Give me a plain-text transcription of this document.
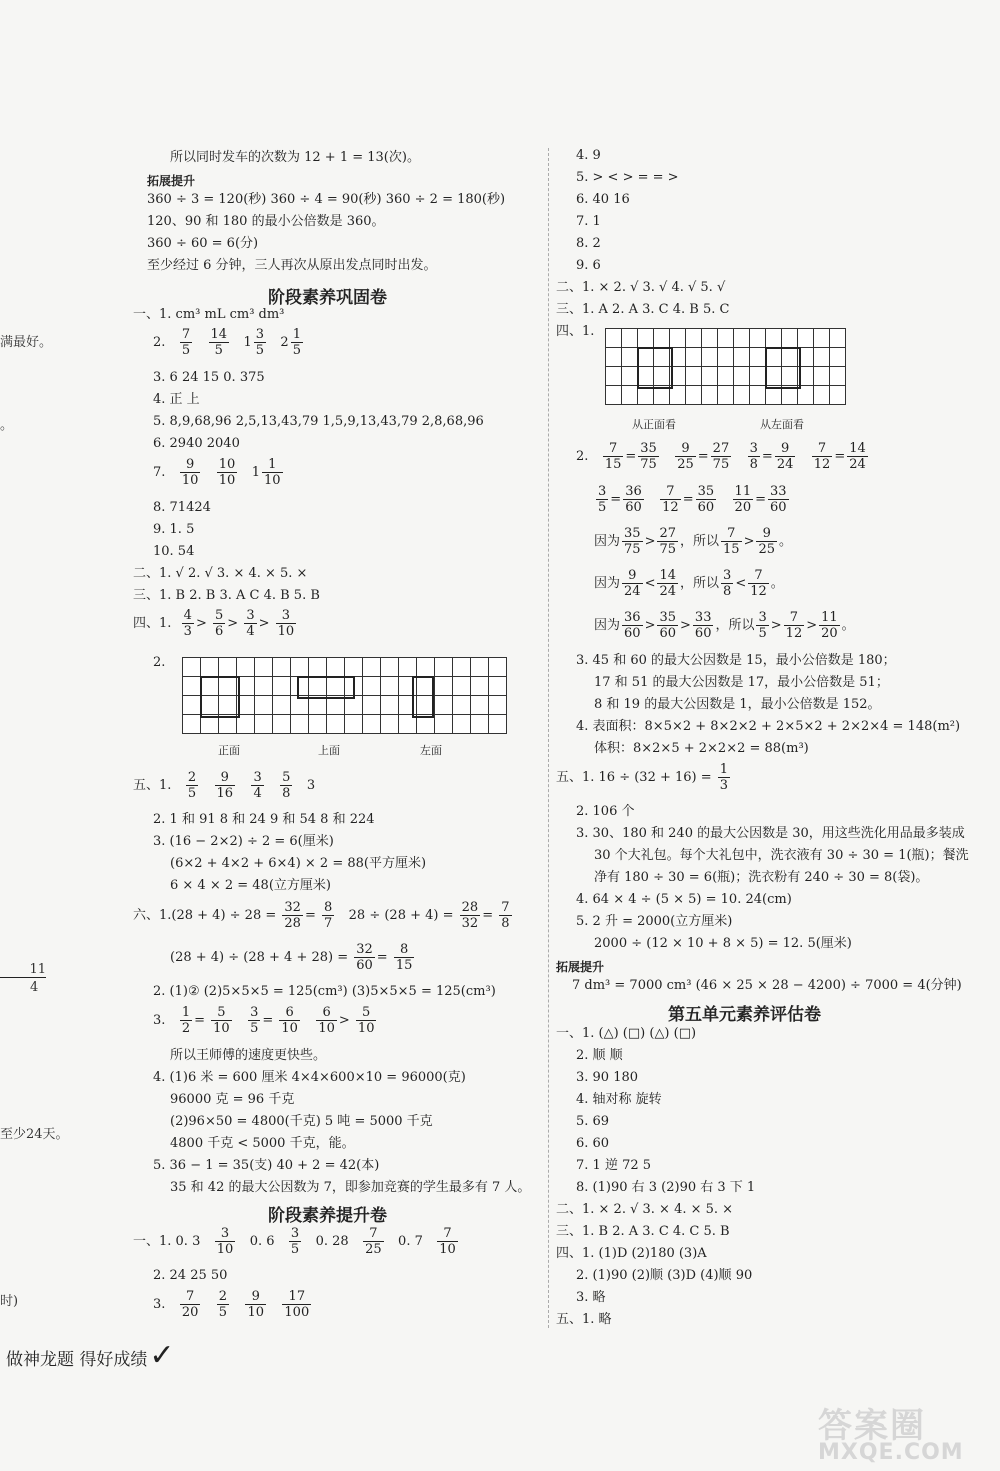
满最好。
。
11
4
至少24天。
时)
所以同时发车的次数为 12 + 1 = 13(次)。
拓展提升
360 ÷ 3 = 120(秒) 360 ÷ 4 = 90(秒) 360 ÷ 2 = 180(秒)
120、90 和 180 的最小公倍数是 360。
360 ÷ 60 = 6(分)
至少经过 6 分钟，三人再次从原出发点同时出发。
阶段素养巩固卷
一、1. cm³ mL cm³ dm³
2. $\frac{7}{5}$
$\frac{14}{5} 1 \frac{3}{5} 2 \frac{1}{5}$
3. 6 24 15 0. 375
4. 正 上
5. 8,9,68,96 2,5,13,43,79 1,5,9,13,43,79 2,8,68,96
6. 2940 2040
7. $\frac{9}{10}$
$\frac{10}{10} 1 \frac{1}{10}$
8. 71424
9. 1. 5
10. 54
二、1. √ 2. √ 3. × 4. × 5. ×
三、1. B 2. B 3. A C 4. B 5. B
四、1. $\frac{4}{3} > \frac{5}{6} > \frac{3}{4} > \frac{3}{10}$
2.
正面	上面	左面
五、1. $\frac{2}{5}$
$\frac{9}{16}$
$\frac{3}{4}$
$\frac{5}{8} 3$
2. 1 和 91 8 和 24 9 和 54 8 和 224
3. (16 − 2×2) ÷ 2 = 6(厘米)
(6×2 + 4×2 + 6×4) × 2 = 88(平方厘米)
6 × 4 × 2 = 48(立方厘米)
六、$1.(28 + 4) \div 28 = \frac{32}{28} = \frac{8}{7} 28 \div (28 + 4) = \frac{28}{32} = \frac{7}{8}$
$(28 + 4) \div (28 + 4 + 28) = \frac{32}{60} = \frac{8}{15}$
2. (1)② (2)5×5×5 = 125(cm³) (3)5×5×5 = 125(cm³)
3. $\frac{1}{2} = \frac{5}{10}$
$\frac{3}{5} = \frac{6}{10}$
$\frac{6}{10} > \frac{5}{10}$
所以王师傅的速度更快些。
4. (1)6 米 = 600 厘米 4×4×600×10 = 96000(克)
96000 克 = 96 千克
(2)96×50 = 4800(千克) 5 吨 = 5000 千克
4800 千克 < 5000 千克，能。
5. 36 − 1 = 35(支) 40 + 2 = 42(本)
35 和 42 的最大公因数为 7，即参加竞赛的学生最多有 7 人。
阶段素养提升卷
一、1. 0. $3 \frac{3}{10} 0$. $6 \frac{3}{5} 0$. $28 \frac{7}{25} 0$. $7 \frac{7}{10}$
2. 24 25 50
3. $\frac{7}{20}$
$\frac{2}{5}$
$\frac{9}{10}$
$\frac{17}{100}$
4. 9
5. > < > = = >
6. 40 16
7. 1
8. 2
9. 6
二、1. × 2. √ 3. √ 4. √ 5. √
三、1. A 2. A 3. C 4. B 5. C
四、1.
从正面看	从左面看
2. $\frac{7}{15} = \frac{35}{75}$
$\frac{9}{25} = \frac{27}{75}$
$\frac{3}{8} = \frac{9}{24}$
$\frac{7}{12} = \frac{14}{24}$
$\frac{3}{5} = \frac{36}{60}$
$\frac{7}{12} = \frac{35}{60}$
$\frac{11}{20} = \frac{33}{60}$
因为 $\frac{35}{75} > \frac{27}{75}$ ，所以 $\frac{7}{15} > \frac{9}{25}$ 。
因为 $\frac{9}{24} < \frac{14}{24}$ ，所以 $\frac{3}{8} < \frac{7}{12}$ 。
因为 $\frac{36}{60} > \frac{35}{60} > \frac{33}{60}$ ，所以 $\frac{3}{5} > \frac{7}{12} > \frac{11}{20}$ 。
3. 45 和 60 的最大公因数是 15，最小公倍数是 180；
17 和 51 的最大公因数是 17，最小公倍数是 51；
8 和 19 的最大公因数是 1，最小公倍数是 152。
4. 表面积：8×5×2 + 8×2×2 + 2×5×2 + 2×2×4 = 148(m²)
体积：8×2×5 + 2×2×2 = 88(m³)
五、1. $16 \div (32 + 16) = \frac{1}{3}$
2. 106 个
3. 30、180 和 240 的最大公因数是 30，用这些洗化用品最多装成
30 个大礼包。每个大礼包中，洗衣液有 30 ÷ 30 = 1(瓶)；餐洗
净有 180 ÷ 30 = 6(瓶)；洗衣粉有 240 ÷ 30 = 8(袋)。
4. 64 × 4 ÷ (5 × 5) = 10. 24(cm)
5. 2 升 = 2000(立方厘米)
2000 ÷ (12 × 10 + 8 × 5) = 12. 5(厘米)
拓展提升
7 dm³ = 7000 cm³ (46 × 25 × 28 − 4200) ÷ 7000 = 4(分钟)
第五单元素养评估卷
一、1. (△) (□) (△) (□)
2. 顺 顺
3. 90 180
4. 轴对称 旋转
5. 69
6. 60
7. 1 逆 72 5
8. (1)90 右 3 (2)90 右 3 下 1
二、1. × 2. √ 3. × 4. × 5. ×
三、1. B 2. A 3. C 4. C 5. B
四、1. (1)D (2)180 (3)A
2. (1)90 (2)顺 (3)D (4)顺 90
3. 略
五、1. 略
做神龙题 得好成绩✓
答案圈
MXQE.COM
